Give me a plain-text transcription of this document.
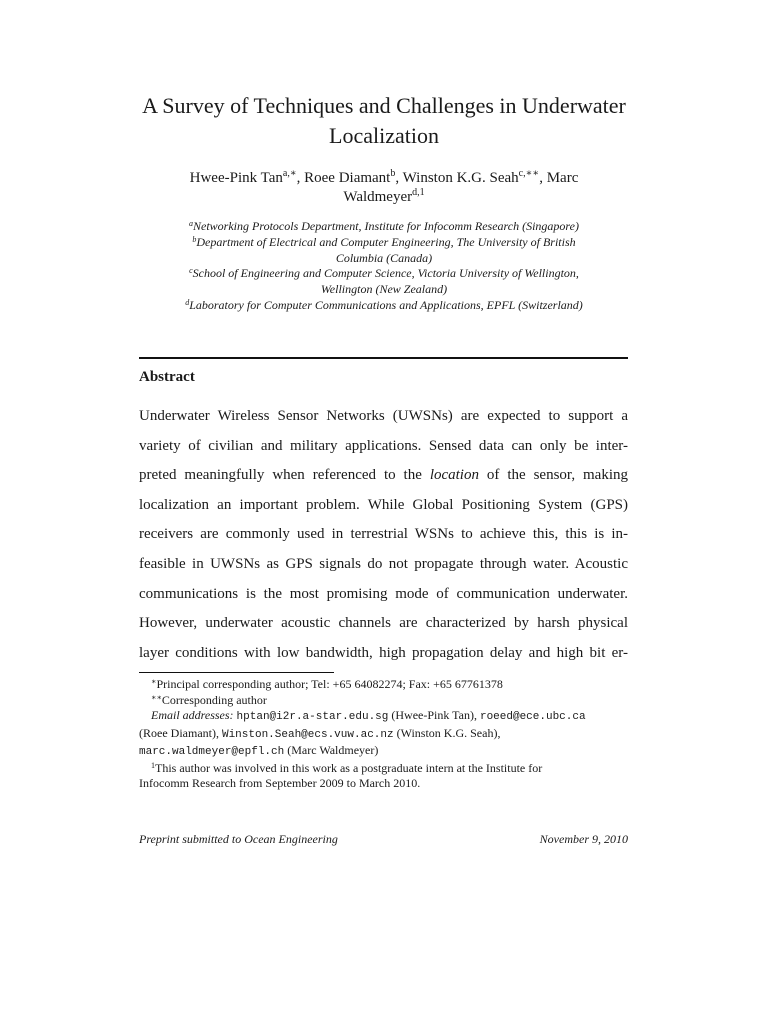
A Survey of Techniques and Challenges in Underwater
Localization
Hwee-Pink Tan$^{a,∗}$, Roee Diamant$^b$, Winston K.G. Seah$^{c,∗∗}$, Marc
Waldmeyer$^{d,1}$
$^a$Networking Protocols Department, Institute for Infocomm Research (Singapore)
$^b$Department of Electrical and Computer Engineering, The University of British
Columbia (Canada)
$^c$School of Engineering and Computer Science, Victoria University of Wellington,
Wellington (New Zealand)
$^d$Laboratory for Computer Communications and Applications, EPFL (Switzerland)
Abstract
Underwater Wireless Sensor Networks (UWSNs) are expected to support a
variety of civilian and military applications. Sensed data can only be inter-
preted meaningfully when referenced to the location of the sensor, making
localization an important problem. While Global Positioning System (GPS)
receivers are commonly used in terrestrial WSNs to achieve this, this is in-
feasible in UWSNs as GPS signals do not propagate through water. Acoustic
communications is the most promising mode of communication underwater.
However, underwater acoustic channels are characterized by harsh physical
layer conditions with low bandwidth, high propagation delay and high bit er-
∗Principal corresponding author; Tel: +65 64082274; Fax: +65 67761378
∗∗Corresponding author
Email addresses: hptan@i2r.a-star.edu.sg (Hwee-Pink Tan), roeed@ece.ubc.ca
(Roee Diamant), Winston.Seah@ecs.vuw.ac.nz (Winston K.G. Seah),
marc.waldmeyer@epfl.ch (Marc Waldmeyer)
$^1$This author was involved in this work as a postgraduate intern at the Institute for
Infocomm Research from September 2009 to March 2010.
Preprint submitted to Ocean Engineering	November 9, 2010
